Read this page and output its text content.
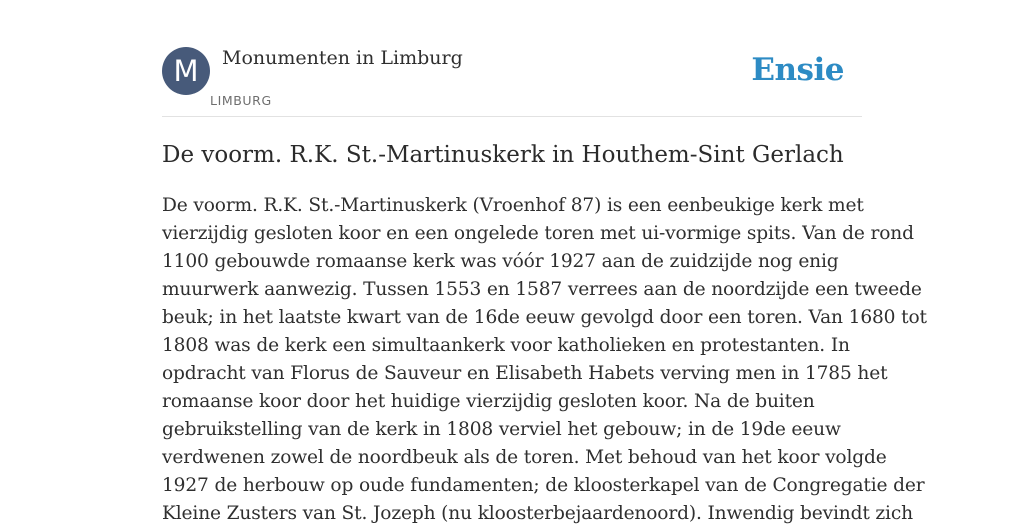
M	Monumenten in Limburg
LIMBURG
Ensie
De voorm. R.K. St.-Martinuskerk in Houthem-Sint Gerlach
De voorm. R.K. St.-Martinuskerk (Vroenhof 87) is een eenbeukige kerk met
vierzijdig gesloten koor en een ongelede toren met ui-vormige spits. Van de rond
1100 gebouwde romaanse kerk was vóór 1927 aan de zuidzijde nog enig
muurwerk aanwezig. Tussen 1553 en 1587 verrees aan de noordzijde een tweede
beuk; in het laatste kwart van de 16de eeuw gevolgd door een toren. Van 1680 tot
1808 was de kerk een simultaankerk voor katholieken en protestanten. In
opdracht van Florus de Sauveur en Elisabeth Habets verving men in 1785 het
romaanse koor door het huidige vierzijdig gesloten koor. Na de buiten
gebruikstelling van de kerk in 1808 verviel het gebouw; in de 19de eeuw
verdwenen zowel de noordbeuk als de toren. Met behoud van het koor volgde
1927 de herbouw op oude fundamenten; de kloosterkapel van de Congregatie der
Kleine Zusters van St. Jozeph (nu kloosterbejaardenoord). Inwendig bevindt zich
